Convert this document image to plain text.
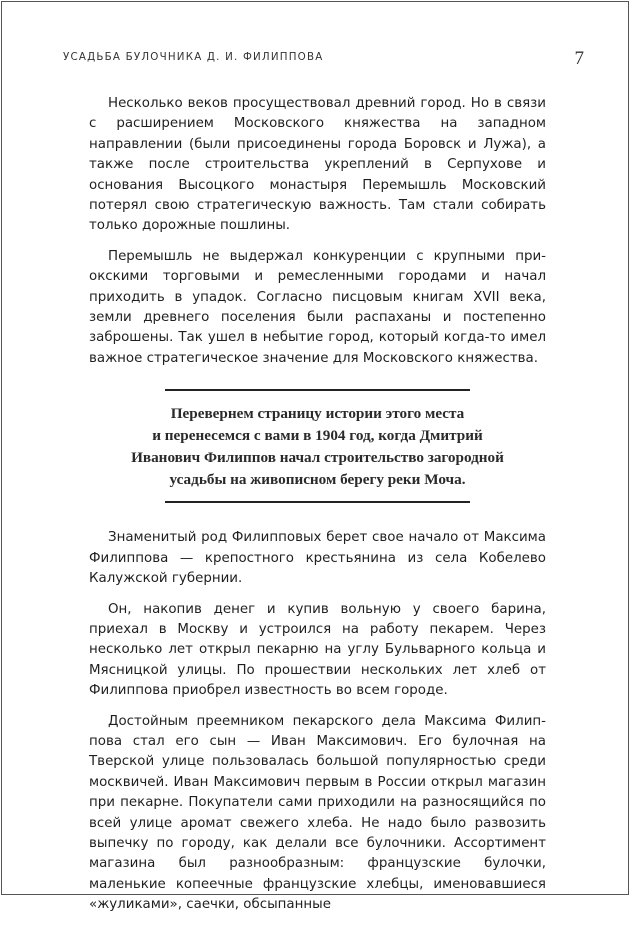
УСАДЬБА БУЛОЧНИКА Д. И. ФИЛИППОВА	7

Несколько веков просуществовал древний город. Но в связи с расширением Московского княжества на западном направлении (были присоединены города Боровск и Лужа), а также после строительства укреплений в Серпухове и основания Высоцкого монастыря Перемышль Московский потерял свою стратегическую важность. Там стали собирать только дорожные пошлины.

Перемышль не выдержал конкуренции с крупными приокскими торговыми и ремесленными городами и начал приходить в упадок. Согласно писцовым книгам XVII века, земли древнего поселения были распаханы и постепенно заброшены. Так ушел в небытие город, который когда-то имел важное стратегическое значение для Московского княжества.

Перевернем страницу истории этого места
и перенесемся с вами в 1904 год, когда Дмитрий
Иванович Филиппов начал строительство загородной
усадьбы на живописном берегу реки Моча.

Знаменитый род Филипповых берет свое начало от Максима Филиппова — крепостного крестьянина из села Кобелево Калужской губернии.

Он, накопив денег и купив вольную у своего барина, приехал в Москву и устроился на работу пекарем. Через несколько лет открыл пекарню на углу Бульварного кольца и Мясницкой улицы. По прошествии нескольких лет хлеб от Филиппова приобрел известность во всем городе.

Достойным преемником пекарского дела Максима Филиппова стал его сын — Иван Максимович. Его булочная на Тверской улице пользовалась большой популярностью среди москвичей. Иван Максимович первым в России открыл магазин при пекарне. Покупатели сами приходили на разносящийся по всей улице аромат свежего хлеба. Не надо было развозить выпечку по городу, как делали все булочники. Ассортимент магазина был разнообразным: французские булочки, маленькие копеечные французские хлебцы, именовавшиеся «жуликами», саечки, обсыпанные
